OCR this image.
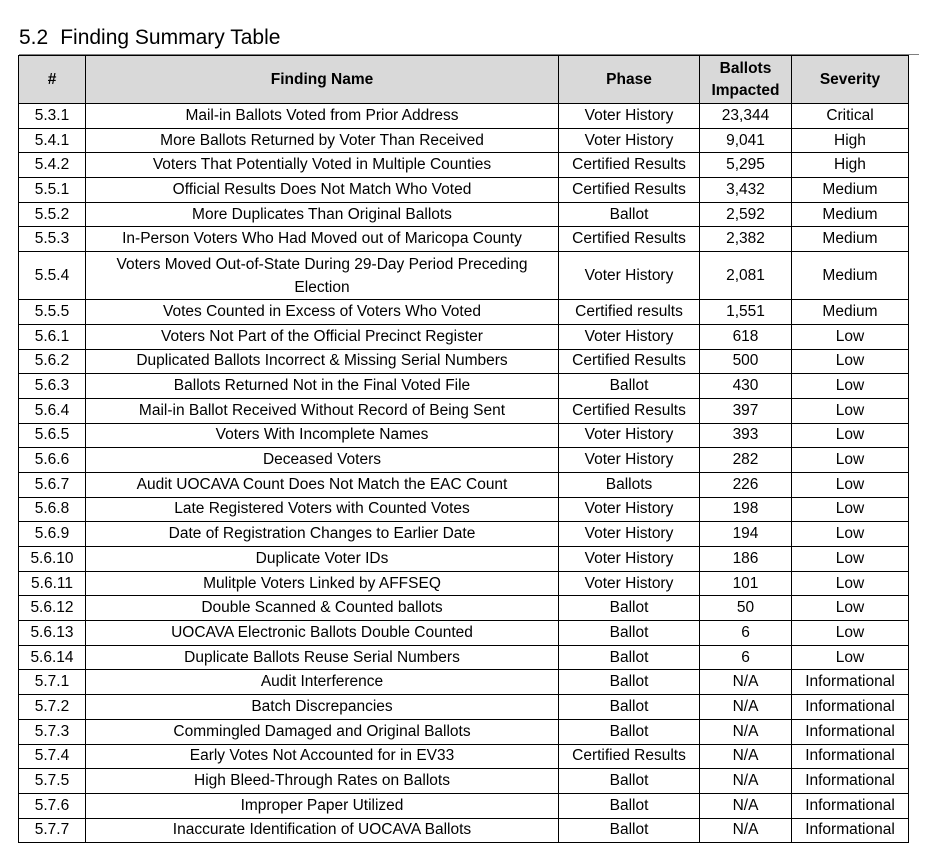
5.2 Finding Summary Table
#	Finding Name	Phase	Ballots Impacted	Severity
5.3.1	Mail-in Ballots Voted from Prior Address	Voter History	23,344	Critical
5.4.1	More Ballots Returned by Voter Than Received	Voter History	9,041	High
5.4.2	Voters That Potentially Voted in Multiple Counties	Certified Results	5,295	High
5.5.1	Official Results Does Not Match Who Voted	Certified Results	3,432	Medium
5.5.2	More Duplicates Than Original Ballots	Ballot	2,592	Medium
5.5.3	In-Person Voters Who Had Moved out of Maricopa County	Certified Results	2,382	Medium
5.5.4	Voters Moved Out-of-State During 29-Day Period Preceding Election	Voter History	2,081	Medium
5.5.5	Votes Counted in Excess of Voters Who Voted	Certified results	1,551	Medium
5.6.1	Voters Not Part of the Official Precinct Register	Voter History	618	Low
5.6.2	Duplicated Ballots Incorrect & Missing Serial Numbers	Certified Results	500	Low
5.6.3	Ballots Returned Not in the Final Voted File	Ballot	430	Low
5.6.4	Mail-in Ballot Received Without Record of Being Sent	Certified Results	397	Low
5.6.5	Voters With Incomplete Names	Voter History	393	Low
5.6.6	Deceased Voters	Voter History	282	Low
5.6.7	Audit UOCAVA Count Does Not Match the EAC Count	Ballots	226	Low
5.6.8	Late Registered Voters with Counted Votes	Voter History	198	Low
5.6.9	Date of Registration Changes to Earlier Date	Voter History	194	Low
5.6.10	Duplicate Voter IDs	Voter History	186	Low
5.6.11	Mulitple Voters Linked by AFFSEQ	Voter History	101	Low
5.6.12	Double Scanned & Counted ballots	Ballot	50	Low
5.6.13	UOCAVA Electronic Ballots Double Counted	Ballot	6	Low
5.6.14	Duplicate Ballots Reuse Serial Numbers	Ballot	6	Low
5.7.1	Audit Interference	Ballot	N/A	Informational
5.7.2	Batch Discrepancies	Ballot	N/A	Informational
5.7.3	Commingled Damaged and Original Ballots	Ballot	N/A	Informational
5.7.4	Early Votes Not Accounted for in EV33	Certified Results	N/A	Informational
5.7.5	High Bleed-Through Rates on Ballots	Ballot	N/A	Informational
5.7.6	Improper Paper Utilized	Ballot	N/A	Informational
5.7.7	Inaccurate Identification of UOCAVA Ballots	Ballot	N/A	Informational
